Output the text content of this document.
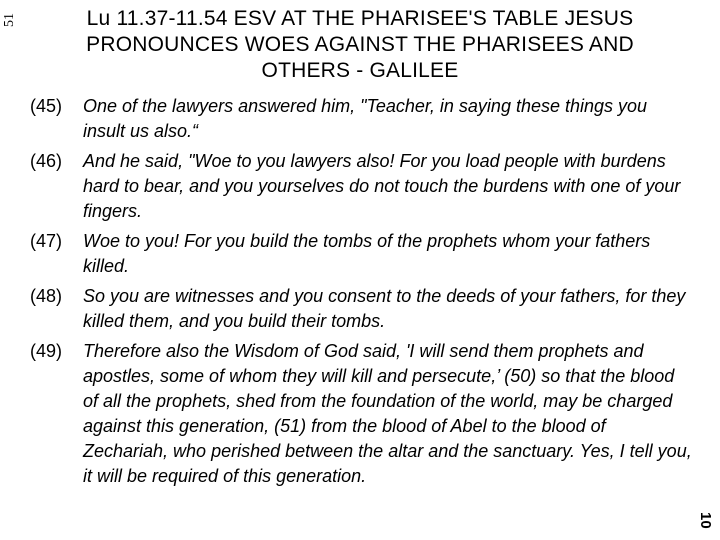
51	Lu 11.37‑11.54 ESV AT THE PHARISEE'S TABLE JESUS
PRONOUNCES WOES AGAINST THE PHARISEES AND
OTHERS - GALILEE
(45)	One of the lawyers answered him, "Teacher, in saying these things you insult us also.“
(46)	And he said, "Woe to you lawyers also! For you load people with burdens hard to bear, and you yourselves do not touch the burdens with one of your fingers.
(47)	Woe to you! For you build the tombs of the prophets whom your fathers killed.
(48)	So you are witnesses and you consent to the deeds of your fathers, for they killed them, and you build their tombs.
(49)	Therefore also the Wisdom of God said, 'I will send them prophets and apostles, some of whom they will kill and persecute,’ (50) so that the blood of all the prophets, shed from the foundation of the world, may be charged against this generation, (51) from the blood of Abel to the blood of Zechariah, who perished between the altar and the sanctuary. Yes, I tell you, it will be required of this generation.
10
